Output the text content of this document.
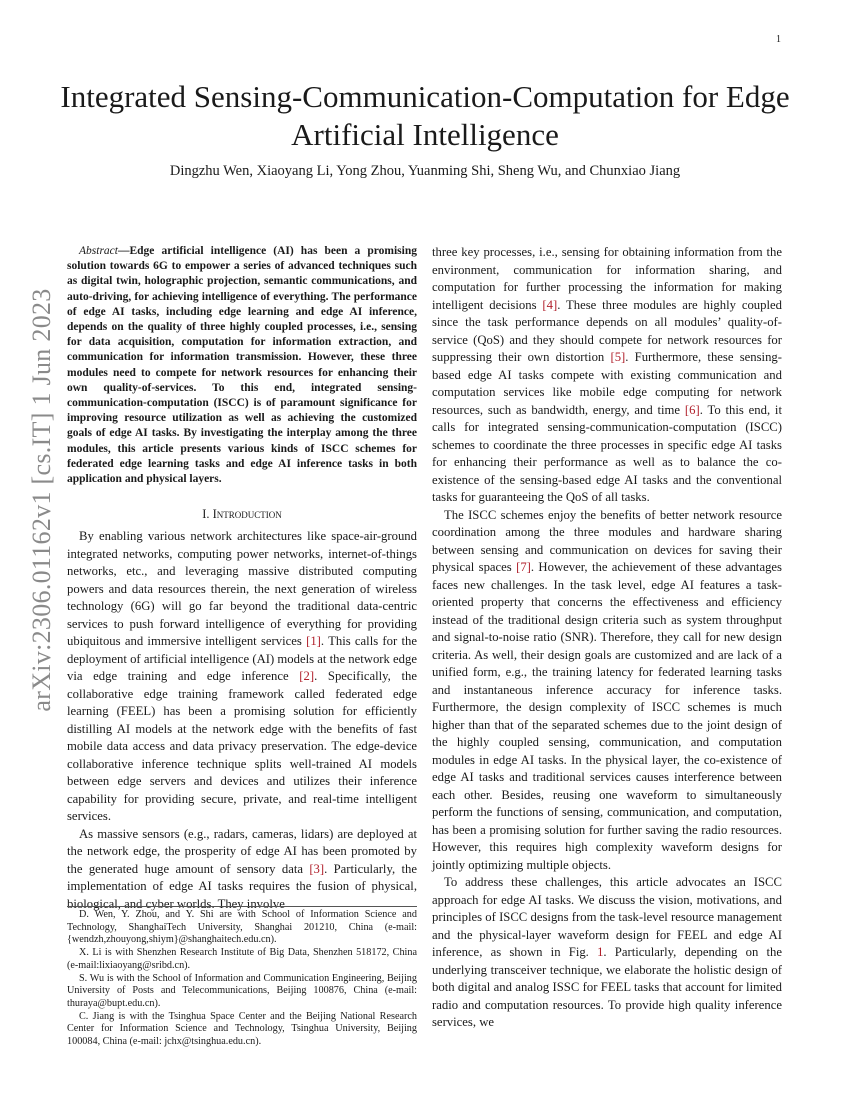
1
arXiv:2306.01162v1 [cs.IT] 1 Jun 2023
Integrated Sensing-Communication-Computation for Edge Artificial Intelligence

Dingzhu Wen, Xiaoyang Li, Yong Zhou, Yuanming Shi, Sheng Wu, and Chunxiao Jiang

Abstract—Edge artificial intelligence (AI) has been a promising solution towards 6G to empower a series of advanced techniques such as digital twin, holographic projection, semantic communications, and auto-driving, for achieving intelligence of everything. The performance of edge AI tasks, including edge learning and edge AI inference, depends on the quality of three highly coupled processes, i.e., sensing for data acquisition, computation for information extraction, and communication for information transmission. However, these three modules need to compete for network resources for enhancing their own quality-of-services. To this end, integrated sensing-communication-computation (ISCC) is of paramount significance for improving resource utilization as well as achieving the customized goals of edge AI tasks. By investigating the interplay among the three modules, this article presents various kinds of ISCC schemes for federated edge learning tasks and edge AI inference tasks in both application and physical layers.

I. Introduction

By enabling various network architectures like space-air-ground integrated networks, computing power networks, internet-of-things networks, etc., and leveraging massive distributed computing powers and data resources therein, the next generation of wireless technology (6G) will go far beyond the traditional data-centric services to push forward intelligence of everything for providing ubiquitous and immersive intelligent services [1]. This calls for the deployment of artificial intelligence (AI) models at the network edge via edge training and edge inference [2]. Specifically, the collaborative edge training framework called federated edge learning (FEEL) has been a promising solution for efficiently distilling AI models at the network edge with the benefits of fast mobile data access and data privacy preservation. The edge-device collaborative inference technique splits well-trained AI models between edge servers and devices and utilizes their inference capability for providing secure, private, and real-time intelligent services.

As massive sensors (e.g., radars, cameras, lidars) are deployed at the network edge, the prosperity of edge AI has been promoted by the generated huge amount of sensory data [3]. Particularly, the implementation of edge AI tasks requires the fusion of physical, biological, and cyber worlds. They involve

D. Wen, Y. Zhou, and Y. Shi are with School of Information Science and Technology, ShanghaiTech University, Shanghai 201210, China (e-mail: {wendzh,zhouyong,shiym}@shanghaitech.edu.cn).

X. Li is with Shenzhen Research Institute of Big Data, Shenzhen 518172, China (e-mail:lixiaoyang@sribd.cn).

S. Wu is with the School of Information and Communication Engineering, Beijing University of Posts and Telecommunications, Beijing 100876, China (e-mail: thuraya@bupt.edu.cn).

C. Jiang is with the Tsinghua Space Center and the Beijing National Research Center for Information Science and Technology, Tsinghua University, Beijing 100084, China (e-mail: jchx@tsinghua.edu.cn).

three key processes, i.e., sensing for obtaining information from the environment, communication for information sharing, and computation for further processing the information for making intelligent decisions [4]. These three modules are highly coupled since the task performance depends on all modules’ quality-of-service (QoS) and they should compete for network resources for suppressing their own distortion [5]. Furthermore, these sensing-based edge AI tasks compete with existing communication and computation services like mobile edge computing for network resources, such as bandwidth, energy, and time [6]. To this end, it calls for integrated sensing-communication-computation (ISCC) schemes to coordinate the three processes in specific edge AI tasks for enhancing their performance as well as to balance the co-existence of the sensing-based edge AI tasks and the conventional tasks for guaranteeing the QoS of all tasks.

The ISCC schemes enjoy the benefits of better network resource coordination among the three modules and hardware sharing between sensing and communication on devices for saving their physical spaces [7]. However, the achievement of these advantages faces new challenges. In the task level, edge AI features a task-oriented property that concerns the effectiveness and efficiency instead of the traditional design criteria such as system throughput and signal-to-noise ratio (SNR). Therefore, they call for new design criteria. As well, their design goals are customized and are lack of a unified form, e.g., the training latency for federated learning tasks and instantaneous inference accuracy for inference tasks. Furthermore, the design complexity of ISCC schemes is much higher than that of the separated schemes due to the joint design of the highly coupled sensing, communication, and computation modules in edge AI tasks. In the physical layer, the co-existence of edge AI tasks and traditional services causes interference between each other. Besides, reusing one waveform to simultaneously perform the functions of sensing, communication, and computation, has been a promising solution for further saving the radio resources. However, this requires high complexity waveform designs for jointly optimizing multiple objects.

To address these challenges, this article advocates an ISCC approach for edge AI tasks. We discuss the vision, motivations, and principles of ISCC designs from the task-level resource management and the physical-layer waveform design for FEEL and edge AI inference, as shown in Fig. 1. Particularly, depending on the underlying transceiver technique, we elaborate the holistic design of both digital and analog ISSC for FEEL tasks that account for limited radio and computation resources. To provide high quality inference services, we
